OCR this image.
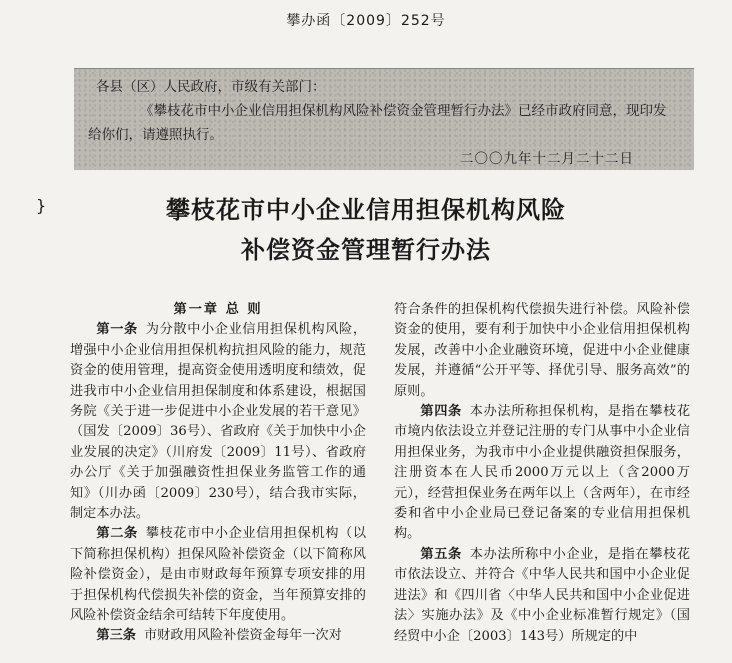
攀办函〔2009〕252号
各县（区）人民政府，市级有关部门：
《攀枝花市中小企业信用担保机构风险补偿资金管理暂行办法》已经市政府同意，现印发给你们，请遵照执行。
二〇〇九年十二月二十二日
}	攀枝花市中小企业信用担保机构风险
补偿资金管理暂行办法
第一章 总 则

第一条 为分散中小企业信用担保机构风险，增强中小企业信用担保机构抗担风险的能力，规范资金的使用管理，提高资金使用透明度和绩效，促进我市中小企业信用担保制度和体系建设，根据国务院《关于进一步促进中小企业发展的若干意见》（国发〔2009〕36号）、省政府《关于加快中小企业发展的决定》（川府发〔2009〕11号）、省政府办公厅《关于加强融资性担保业务监管工作的通知》（川办函〔2009〕230号），结合我市实际，制定本办法。

第二条 攀枝花市中小企业信用担保机构（以下简称担保机构）担保风险补偿资金（以下简称风险补偿资金），是由市财政每年预算专项安排的用于担保机构代偿损失补偿的资金，当年预算安排的风险补偿资金结余可结转下年度使用。

第三条 市财政用风险补偿资金每年一次对

符合条件的担保机构代偿损失进行补偿。风险补偿资金的使用，要有利于加快中小企业信用担保机构发展，改善中小企业融资环境，促进中小企业健康发展，并遵循“公开平等、择优引导、服务高效”的原则。

第四条 本办法所称担保机构，是指在攀枝花市境内依法设立并登记注册的专门从事中小企业信用担保业务，为我市中小企业提供融资担保服务，注册资本在人民币2000万元以上（含2000万元），经营担保业务在两年以上（含两年），在市经委和省中小企业局已登记备案的专业信用担保机构。

第五条 本办法所称中小企业，是指在攀枝花市依法设立、并符合《中华人民共和国中小企业促进法》和《四川省〈中华人民共和国中小企业促进法〉实施办法》及《中小企业标准暂行规定》（国经贸中小企〔2003〕143号）所规定的中
